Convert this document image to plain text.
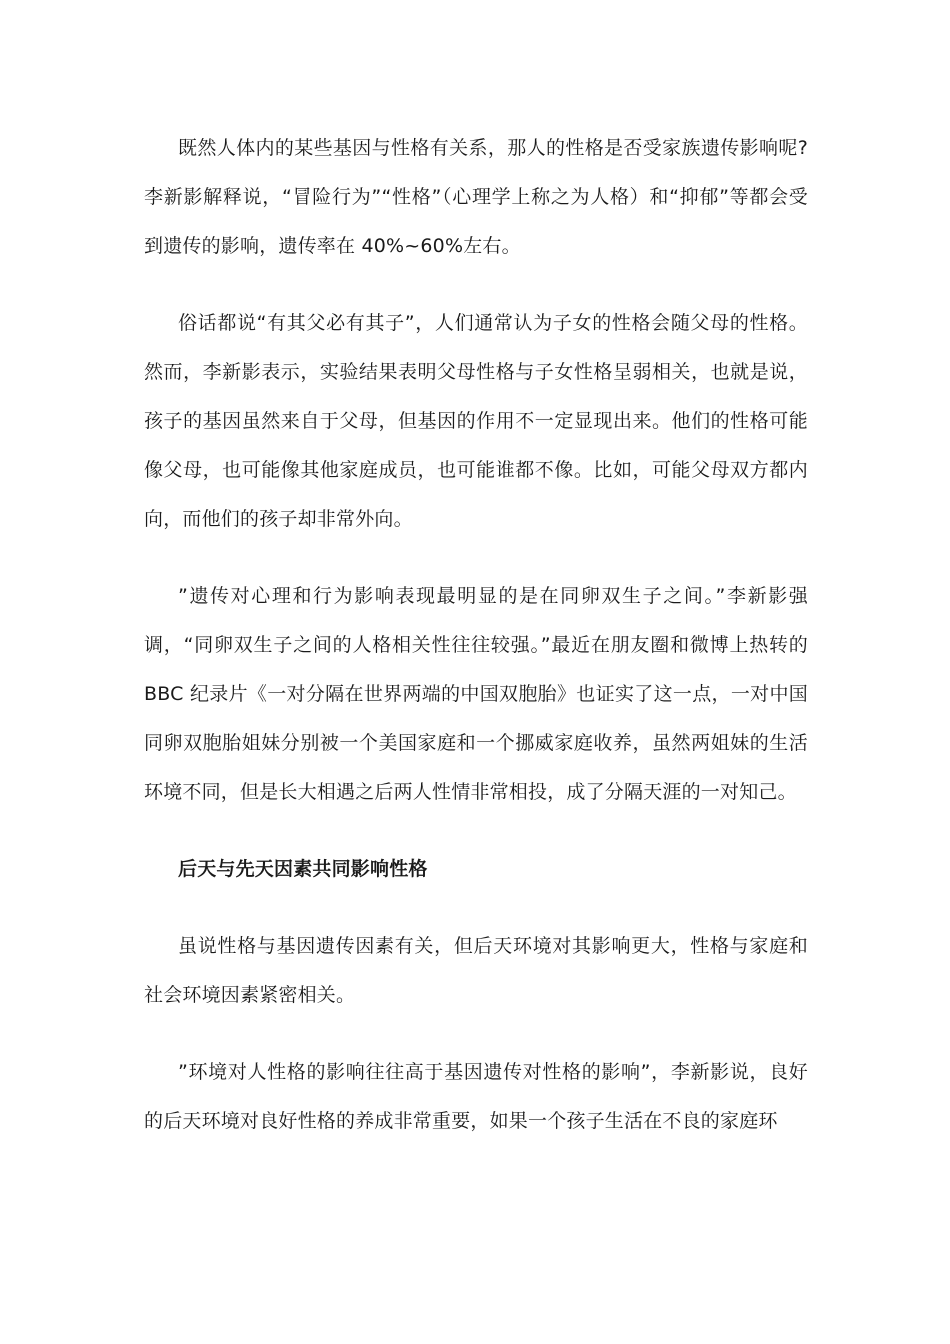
既然人体内的某些基因与性格有关系，那人的性格是否受家族遗传影响呢?李新影解释说，“冒险行为”“性格”（心理学上称之为人格）和“抑郁”等都会受到遗传的影响，遗传率在 40%~60%左右。

俗话都说“有其父必有其子”，人们通常认为子女的性格会随父母的性格。然而，李新影表示，实验结果表明父母性格与子女性格呈弱相关，也就是说，孩子的基因虽然来自于父母，但基因的作用不一定显现出来。他们的性格可能像父母，也可能像其他家庭成员，也可能谁都不像。比如，可能父母双方都内向，而他们的孩子却非常外向。

”遗传对心理和行为影响表现最明显的是在同卵双生子之间。”李新影强调，“同卵双生子之间的人格相关性往往较强。”最近在朋友圈和微博上热转的 BBC 纪录片《一对分隔在世界两端的中国双胞胎》也证实了这一点，一对中国同卵双胞胎姐妹分别被一个美国家庭和一个挪威家庭收养，虽然两姐妹的生活环境不同，但是长大相遇之后两人性情非常相投，成了分隔天涯的一对知己。

后天与先天因素共同影响性格

虽说性格与基因遗传因素有关，但后天环境对其影响更大，性格与家庭和社会环境因素紧密相关。

”环境对人性格的影响往往高于基因遗传对性格的影响”，李新影说，良好的后天环境对良好性格的养成非常重要，如果一个孩子生活在不良的家庭环
